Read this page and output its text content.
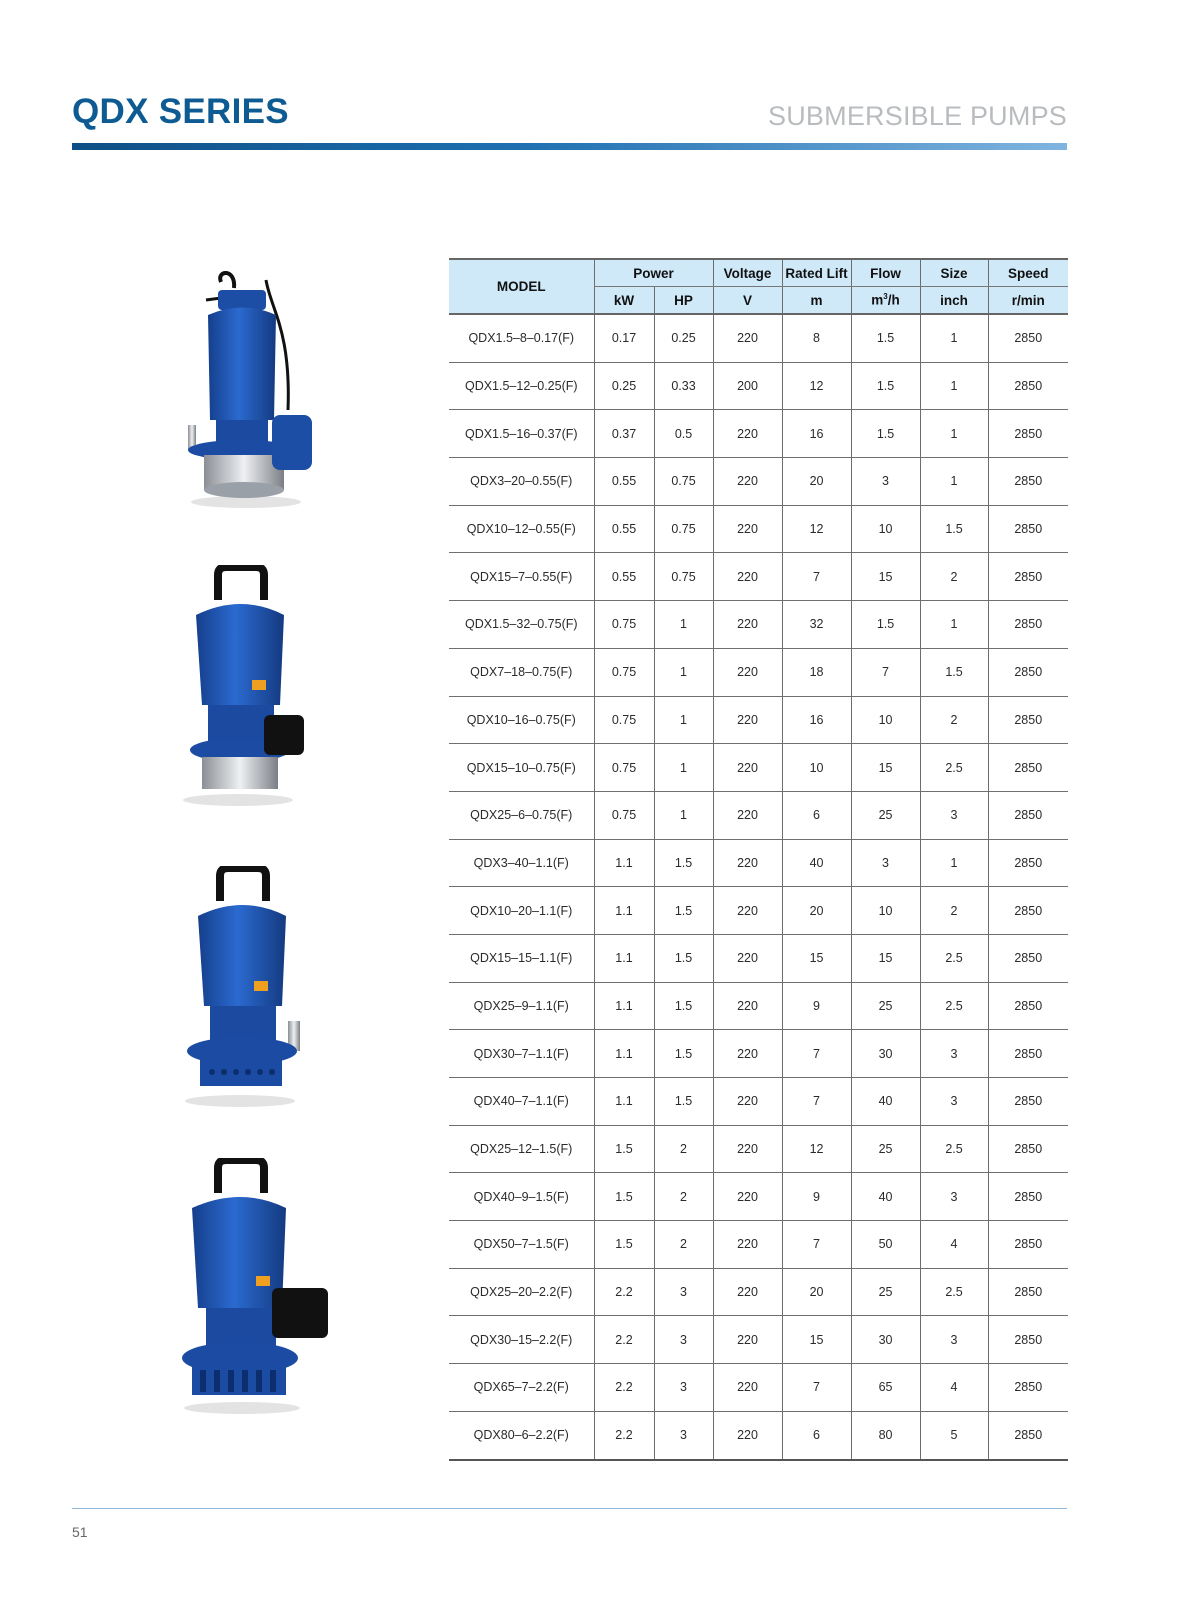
QDX SERIES	SUBMERSIBLE PUMPS
MODEL	Power		Voltage	Rated Lift	Flow	Size	Speed
	kW	HP	V	m	$m^3/h$	inch	r/min
QDX1.5–8–0.17(F)	0.17	0.25	220	8	1.5	1	2850
QDX1.5–12–0.25(F)	0.25	0.33	200	12	1.5	1	2850
QDX1.5–16–0.37(F)	0.37	0.5	220	16	1.5	1	2850
QDX3–20–0.55(F)	0.55	0.75	220	20	3	1	2850
QDX10–12–0.55(F)	0.55	0.75	220	12	10	1.5	2850
QDX15–7–0.55(F)	0.55	0.75	220	7	15	2	2850
QDX1.5–32–0.75(F)	0.75	1	220	32	1.5	1	2850
QDX7–18–0.75(F)	0.75	1	220	18	7	1.5	2850
QDX10–16–0.75(F)	0.75	1	220	16	10	2	2850
QDX15–10–0.75(F)	0.75	1	220	10	15	2.5	2850
QDX25–6–0.75(F)	0.75	1	220	6	25	3	2850
QDX3–40–1.1(F)	1.1	1.5	220	40	3	1	2850
QDX10–20–1.1(F)	1.1	1.5	220	20	10	2	2850
QDX15–15–1.1(F)	1.1	1.5	220	15	15	2.5	2850
QDX25–9–1.1(F)	1.1	1.5	220	9	25	2.5	2850
QDX30–7–1.1(F)	1.1	1.5	220	7	30	3	2850
QDX40–7–1.1(F)	1.1	1.5	220	7	40	3	2850
QDX25–12–1.5(F)	1.5	2	220	12	25	2.5	2850
QDX40–9–1.5(F)	1.5	2	220	9	40	3	2850
QDX50–7–1.5(F)	1.5	2	220	7	50	4	2850
QDX25–20–2.2(F)	2.2	3	220	20	25	2.5	2850
QDX30–15–2.2(F)	2.2	3	220	15	30	3	2850
QDX65–7–2.2(F)	2.2	3	220	7	65	4	2850
QDX80–6–2.2(F)	2.2	3	220	6	80	5	2850
51
